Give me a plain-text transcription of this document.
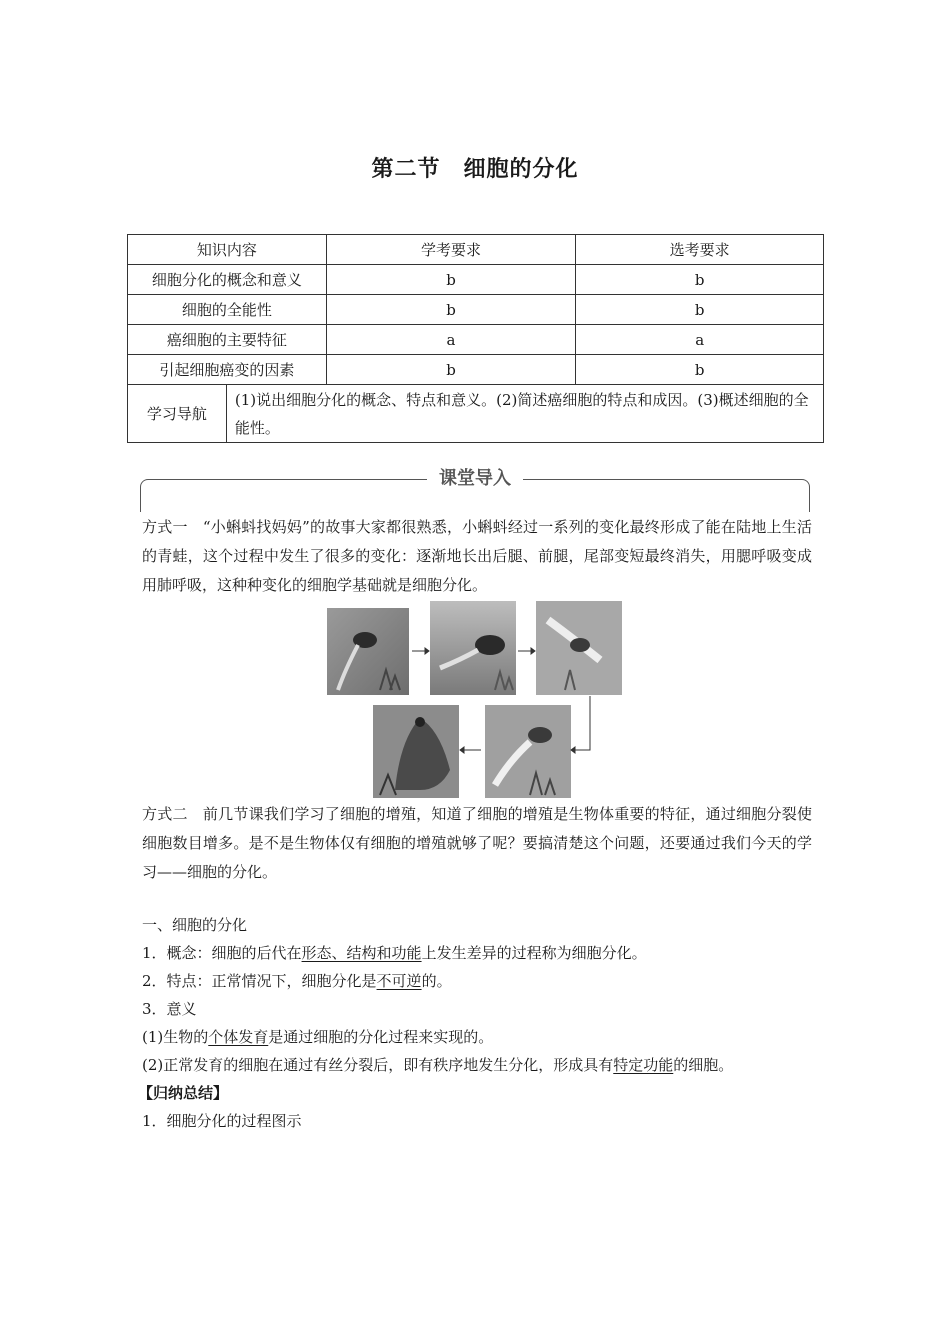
第二节　细胞的分化
知识内容		学考要求	选考要求
细胞分化的概念和意义		b	b
细胞的全能性		b	b
癌细胞的主要特征		a	a
引起细胞癌变的因素		b	b
学习导航	(1)说出细胞分化的概念、特点和意义。(2)简述癌细胞的特点和成因。(3)概述细胞的全能性。		
课堂导入
方式一　“小蝌蚪找妈妈”的故事大家都很熟悉，小蝌蚪经过一系列的变化最终形成了能在陆地上生活的青蛙，这个过程中发生了很多的变化：逐渐地长出后腿、前腿，尾部变短最终消失，用腮呼吸变成用肺呼吸，这种种变化的细胞学基础就是细胞分化。
方式二　前几节课我们学习了细胞的增殖，知道了细胞的增殖是生物体重要的特征，通过细胞分裂使细胞数目增多。是不是生物体仅有细胞的增殖就够了呢？要搞清楚这个问题，还要通过我们今天的学习——细胞的分化。
一、细胞的分化
1．概念：细胞的后代在形态、结构和功能上发生差异的过程称为细胞分化。
2．特点：正常情况下，细胞分化是不可逆的。
3．意义
(1)生物的个体发育是通过细胞的分化过程来实现的。
(2)正常发育的细胞在通过有丝分裂后，即有秩序地发生分化，形成具有特定功能的细胞。
【归纳总结】
1．细胞分化的过程图示
